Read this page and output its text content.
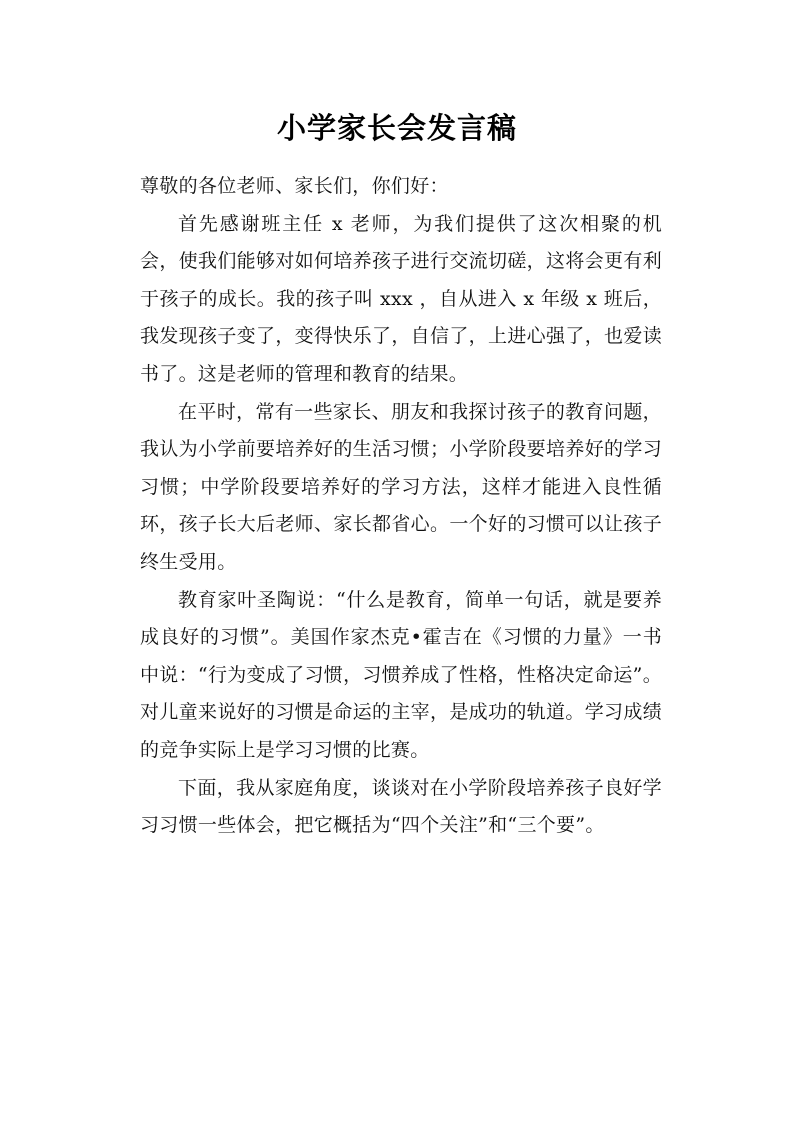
小学家长会发言稿

尊敬的各位老师、家长们，你们好：

首先感谢班主任 x 老师，为我们提供了这次相聚的机会，使我们能够对如何培养孩子进行交流切磋，这将会更有利于孩子的成长。我的孩子叫 xxx ，自从进入 x 年级 x 班后，我发现孩子变了，变得快乐了，自信了，上进心强了，也爱读书了。这是老师的管理和教育的结果。

在平时，常有一些家长、朋友和我探讨孩子的教育问题，我认为小学前要培养好的生活习惯；小学阶段要培养好的学习习惯；中学阶段要培养好的学习方法，这样才能进入良性循环，孩子长大后老师、家长都省心。一个好的习惯可以让孩子终生受用。

教育家叶圣陶说：“什么是教育，简单一句话，就是要养成良好的习惯”。美国作家杰克•霍吉在《习惯的力量》一书中说：“行为变成了习惯，习惯养成了性格，性格决定命运”。对儿童来说好的习惯是命运的主宰，是成功的轨道。学习成绩的竞争实际上是学习习惯的比赛。

下面，我从家庭角度，谈谈对在小学阶段培养孩子良好学习习惯一些体会，把它概括为“四个关注”和“三个要”。
